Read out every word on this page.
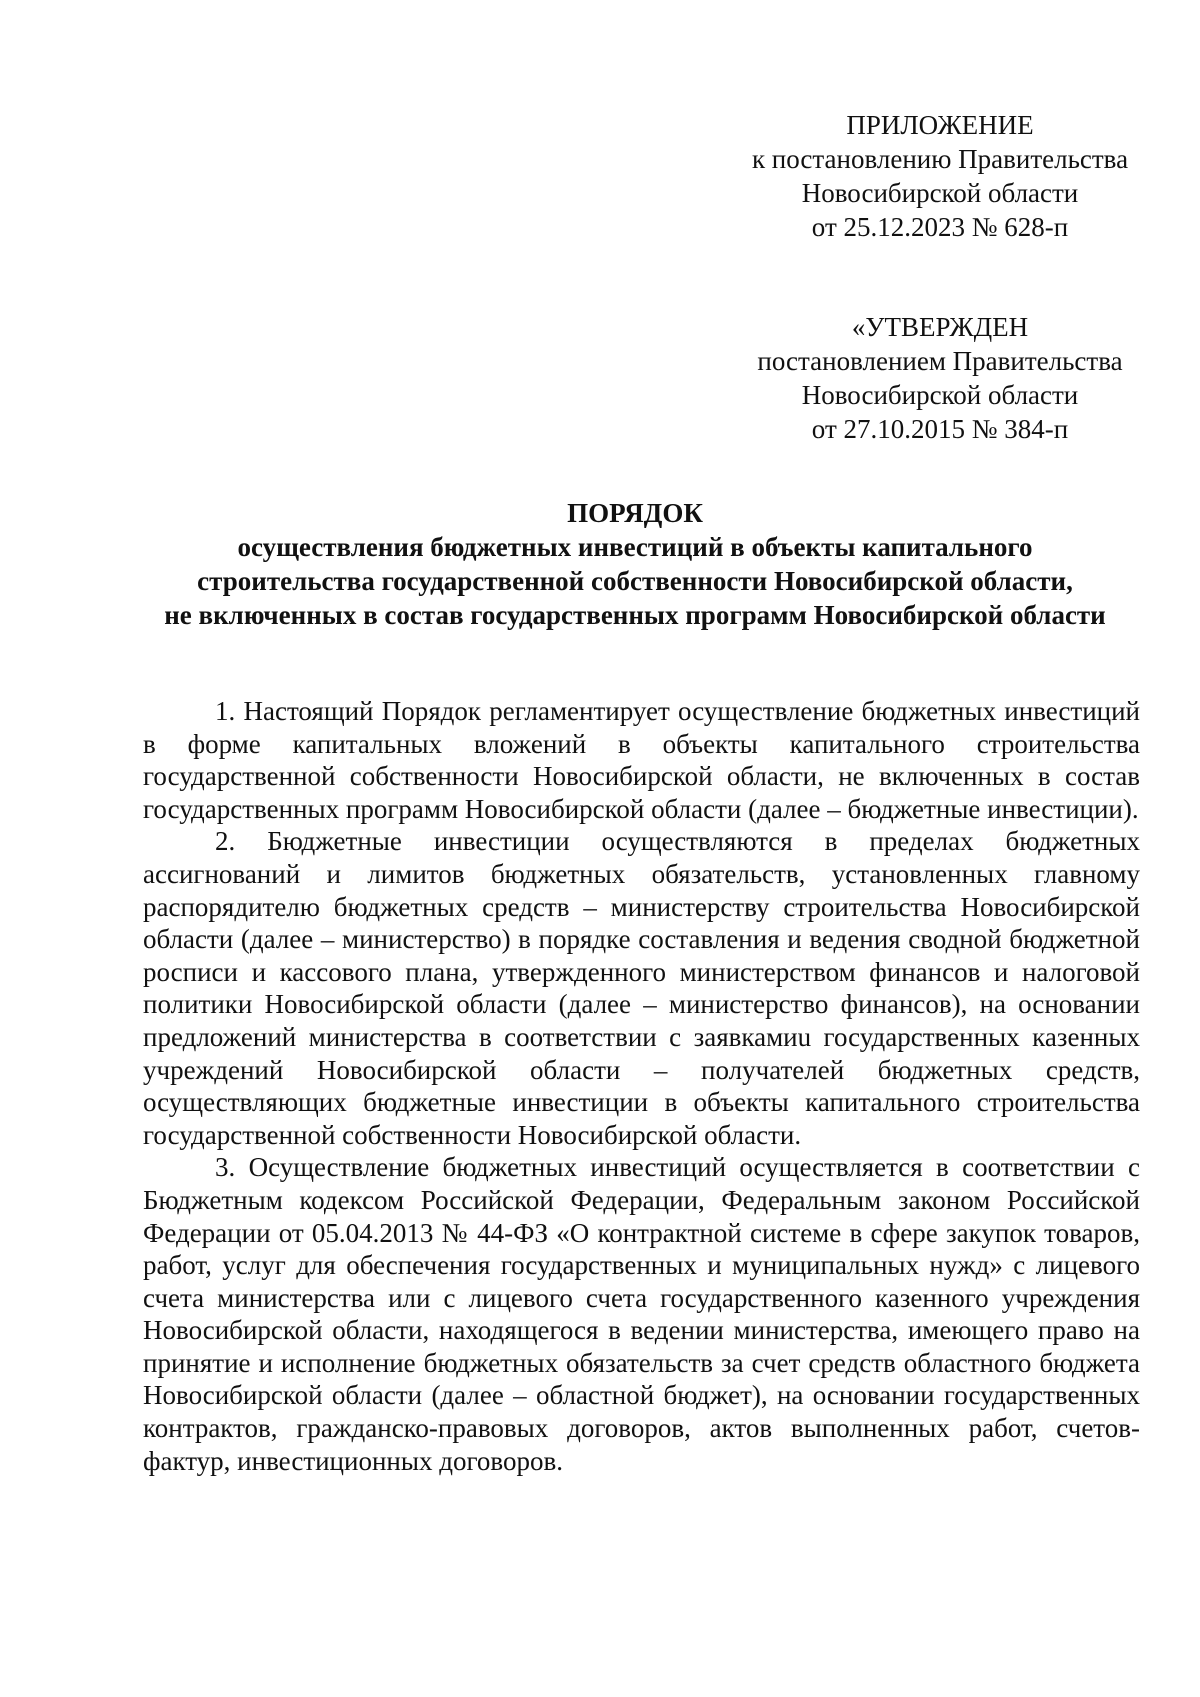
ПРИЛОЖЕНИЕ
к постановлению Правительства
Новосибирской области
от 25.12.2023 № 628-п
«УТВЕРЖДЕН
постановлением Правительства
Новосибирской области
от 27.10.2015 № 384-п
ПОРЯДОК
осуществления бюджетных инвестиций в объекты капитального
строительства государственной собственности Новосибирской области,
не включенных в состав государственных программ Новосибирской области

1. Настоящий Порядок регламентирует осуществление бюджетных инвестиций в форме капитальных вложений в объекты капитального строительства государственной собственности Новосибирской области, не включенных в состав государственных программ Новосибирской области (далее – бюджетные инвестиции).

2. Бюджетные инвестиции осуществляются в пределах бюджетных ассигнований и лимитов бюджетных обязательств, установленных главному распорядителю бюджетных средств – министерству строительства Новосибирской области (далее – министерство) в порядке составления и ведения сводной бюджетной росписи и кассового плана, утвержденного министерством финансов и налоговой политики Новосибирской области (далее – министерство финансов), на основании предложений министерства в соответствии с заявкамиu государственных казенных учреждений Новосибирской области – получателей бюджетных средств, осуществляющих бюджетные инвестиции в объекты капитального строительства государственной собственности Новосибирской области.

3. Осуществление бюджетных инвестиций осуществляется в соответствии с Бюджетным кодексом Российской Федерации, Федеральным законом Российской Федерации от 05.04.2013 № 44-ФЗ «О контрактной системе в сфере закупок товаров, работ, услуг для обеспечения государственных и муниципальных нужд» с лицевого счета министерства или с лицевого счета государственного казенного учреждения Новосибирской области, находящегося в ведении министерства, имеющего право на принятие и исполнение бюджетных обязательств за счет средств областного бюджета Новосибирской области (далее – областной бюджет), на основании государственных контрактов, гражданско-правовых договоров, актов выполненных работ, счетов-фактур, инвестиционных договоров.
